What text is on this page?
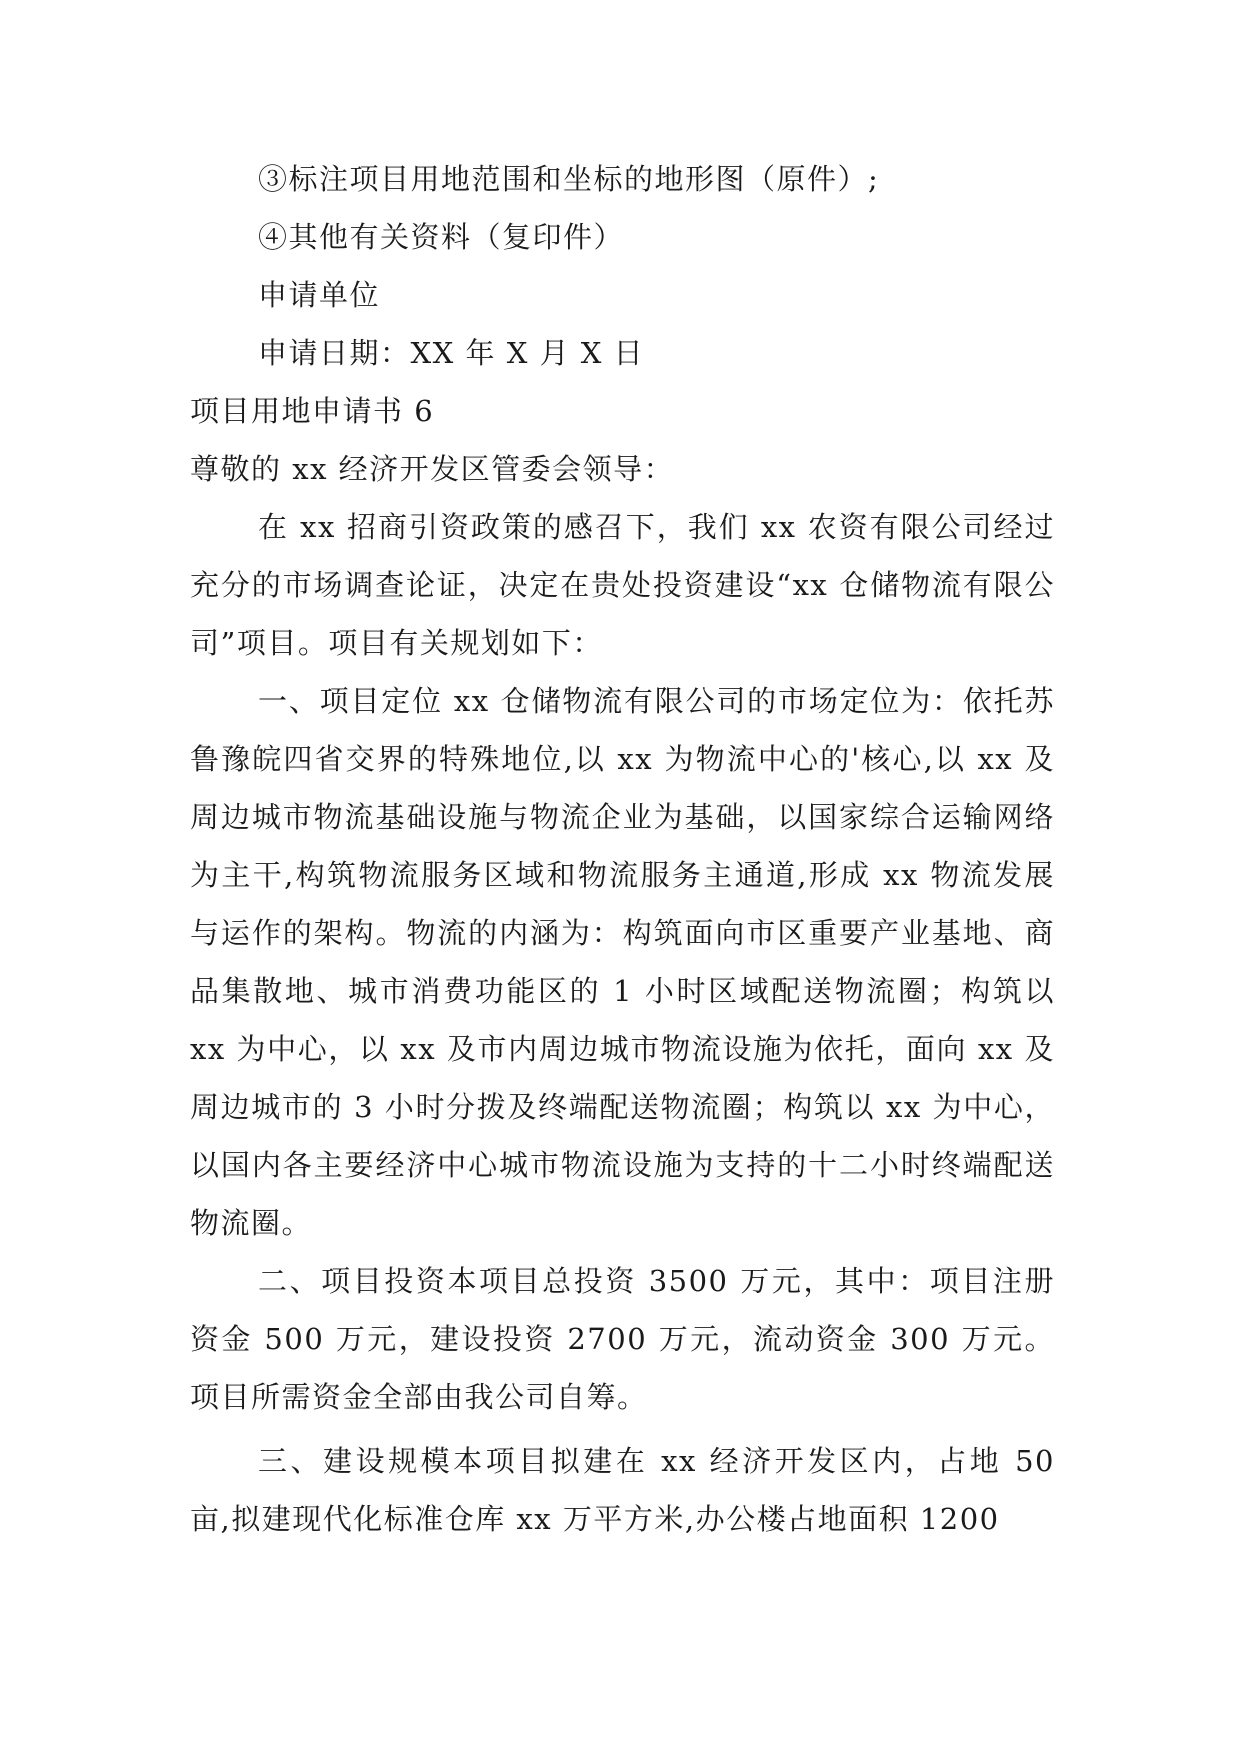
③标注项目用地范围和坐标的地形图（原件）;
④其他有关资料（复印件）
申请单位
申请日期：XX 年 X 月 X 日
项目用地申请书 6
尊敬的 xx 经济开发区管委会领导：
在 xx 招商引资政策的感召下，我们 xx 农资有限公司经过充分的市场调查论证，决定在贵处投资建设“xx 仓储物流有限公司”项目。项目有关规划如下：
一、项目定位 xx 仓储物流有限公司的市场定位为：依托苏鲁豫皖四省交界的特殊地位,以 xx 为物流中心的'核心,以 xx 及周边城市物流基础设施与物流企业为基础，以国家综合运输网络为主干,构筑物流服务区域和物流服务主通道,形成 xx 物流发展与运作的架构。物流的内涵为：构筑面向市区重要产业基地、商品集散地、城市消费功能区的 1 小时区域配送物流圈；构筑以 xx 为中心，以 xx 及市内周边城市物流设施为依托，面向 xx 及周边城市的 3 小时分拨及终端配送物流圈；构筑以 xx 为中心，以国内各主要经济中心城市物流设施为支持的十二小时终端配送物流圈。
二、项目投资本项目总投资 3500 万元，其中：项目注册资金 500 万元，建设投资 2700 万元，流动资金 300 万元。项目所需资金全部由我公司自筹。
三、建设规模本项目拟建在 xx 经济开发区内，占地 50 亩,拟建现代化标准仓库 xx 万平方米,办公楼占地面积 1200
